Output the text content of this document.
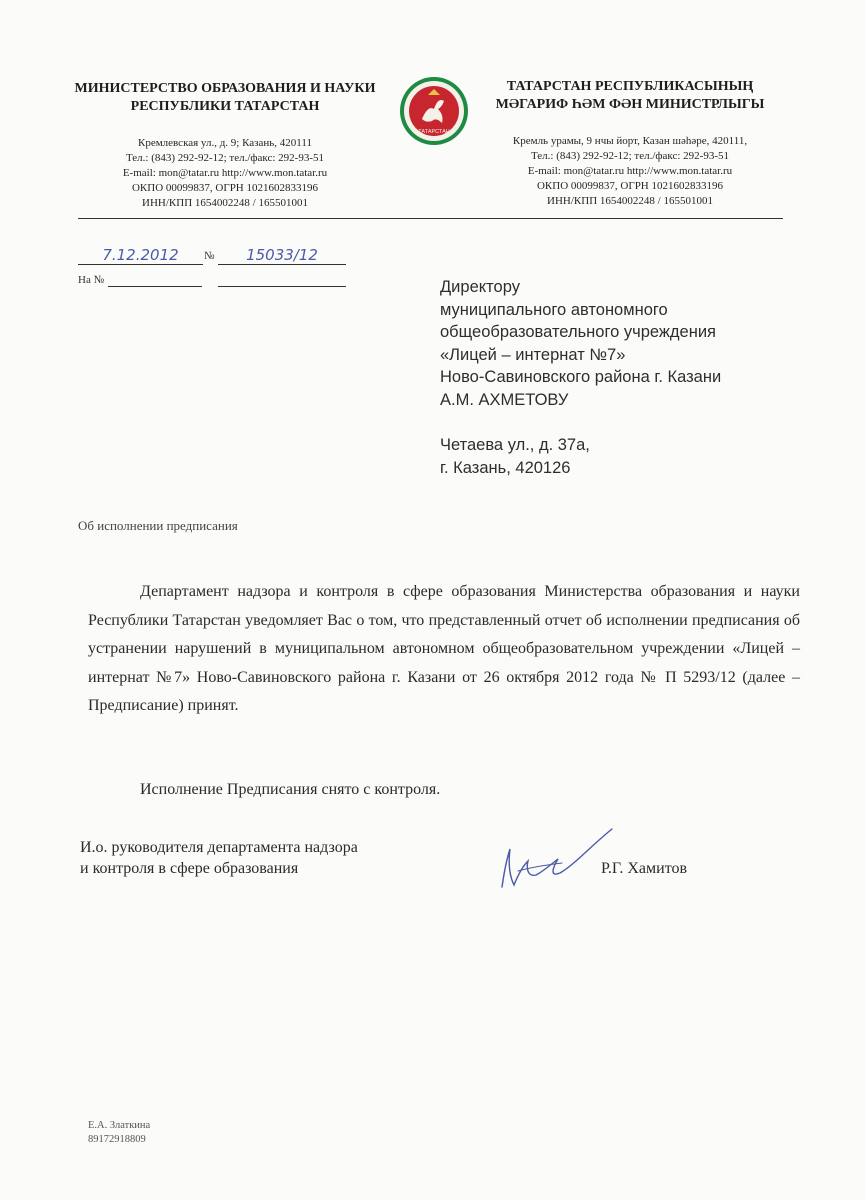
МИНИСТЕРСТВО ОБРАЗОВАНИЯ И НАУКИ
РЕСПУБЛИКИ ТАТАРСТАН
Кремлевская ул., д. 9; Казань, 420111
Тел.: (843) 292-92-12; тел./факс: 292-93-51
E-mail: mon@tatar.ru http://www.mon.tatar.ru
ОКПО 00099837, ОГРН 1021602833196
ИНН/КПП 1654002248 / 165501001
ТАТАРСТАН
ТАТАРСТАН РЕСПУБЛИКАСЫНЫҢ
МӘГАРИФ ҺӘМ ФӘН МИНИСТРЛЫГЫ
Кремль урамы, 9 нчы йорт, Казан шәһәре, 420111,
Тел.: (843) 292-92-12; тел./факс: 292-93-51
E-mail: mon@tatar.ru http://www.mon.tatar.ru
ОКПО 00099837, ОГРН 1021602833196
ИНН/КПП 1654002248 / 165501001
7.12.2012	№	15033/12
На №	Директору
муниципального автономного
общеобразовательного учреждения
«Лицей – интернат №7»
Ново-Савиновского района г. Казани
А.М. АХМЕТОВУ
Четаева ул., д. 37а,
г. Казань, 420126
Об исполнении предписания
Департамент надзора и контроля в сфере образования Министерства образования и науки Республики Татарстан уведомляет Вас о том, что представленный отчет об исполнении предписания об устранении нарушений в муниципальном автономном общеобразовательном учреждении «Лицей – интернат №7» Ново-Савиновского района г. Казани от 26 октября 2012 года № П 5293/12 (далее – Предписание) принят.
Исполнение Предписания снято с контроля.
И.о. руководителя департамента надзора
и контроля в сфере образования	Р.Г. Хамитов
Е.А. Златкина
89172918809
